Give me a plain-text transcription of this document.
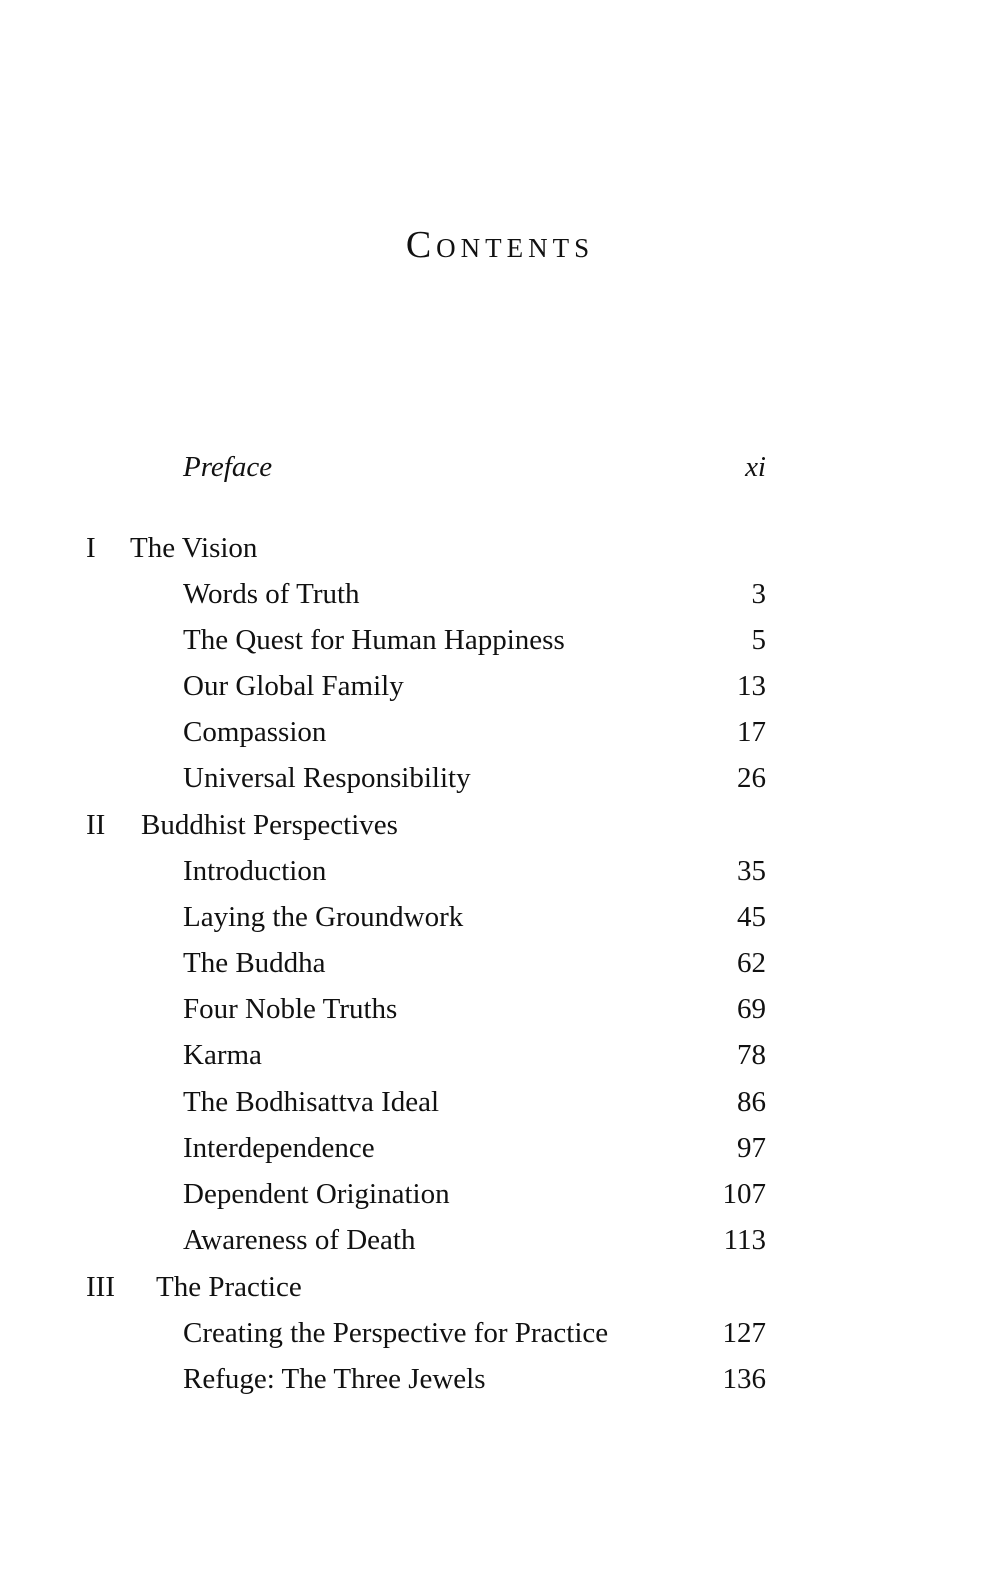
Contents
Preface	xi
I The Vision
Words of Truth	3
The Quest for Human Happiness	5
Our Global Family	13
Compassion	17
Universal Responsibility	26
II Buddhist Perspectives
Introduction	35
Laying the Groundwork	45
The Buddha	62
Four Noble Truths	69
Karma	78
The Bodhisattva Ideal	86
Interdependence	97
Dependent Origination	107
Awareness of Death	113
III The Practice
Creating the Perspective for Practice	127
Refuge: The Three Jewels	136
